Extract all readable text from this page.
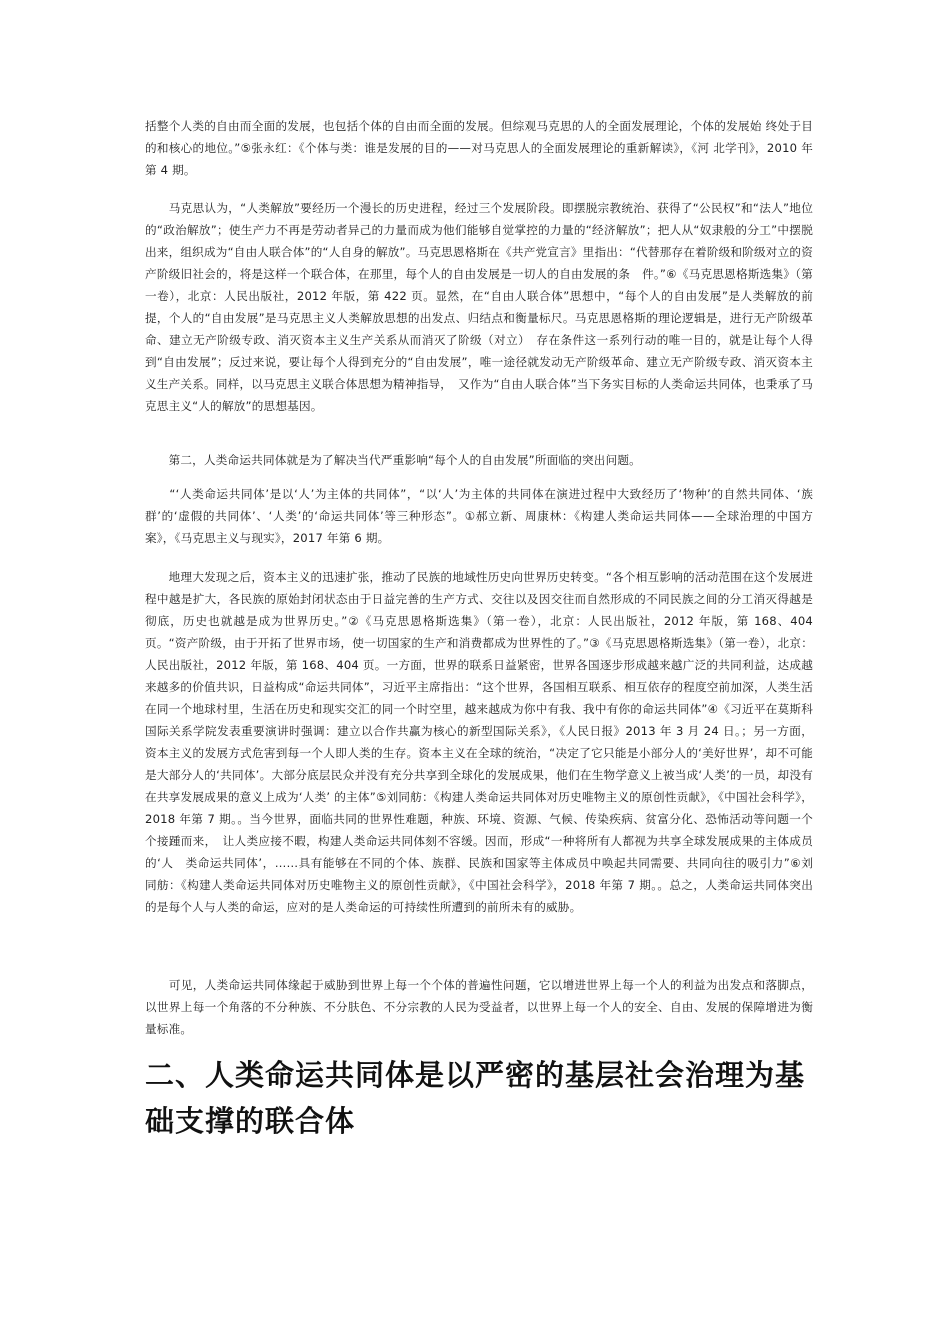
括整个人类的自由而全面的发展，也包括个体的自由而全面的发展。但综观马克思的人的全面发展理论，个体的发展始 终处于目的和核心的地位。”⑤张永红：《个体与类：谁是发展的目的——对马克思人的全面发展理论的重新解读》，《河 北学刊》，2010 年第 4 期。

　　马克思认为，“人类解放”要经历一个漫长的历史进程，经过三个发展阶段。即摆脱宗教统治、获得了“公民权”和“法人”地位的“政治解放”；使生产力不再是劳动者异己的力量而成为他们能够自觉掌控的力量的“经济解放”；把人从“奴隶般的分工”中摆脱出来，组织成为“自由人联合体”的“人自身的解放”。马克思恩格斯在《共产党宣言》里指出：“代替那存在着阶级和阶级对立的资产阶级旧社会的，将是这样一个联合体，在那里，每个人的自由发展是一切人的自由发展的条　件。”⑥《马克思恩格斯选集》（第一卷），北京：人民出版社，2012 年版，第 422 页。显然，在“自由人联合体”思想中，“每个人的自由发展”是人类解放的前提，个人的“自由发展”是马克思主义人类解放思想的出发点、归结点和衡量标尺。马克思恩格斯的理论逻辑是，进行无产阶级革命、建立无产阶级专政、消灭资本主义生产关系从而消灭了阶级（对立）　存在条件这一系列行动的唯一目的，就是让每个人得到“自由发展”；反过来说，要让每个人得到充分的“自由发展”，唯一途径就发动无产阶级革命、建立无产阶级专政、消灭资本主义生产关系。同样，以马克思主义联合体思想为精神指导，　又作为“自由人联合体”当下务实目标的人类命运共同体，也秉承了马克思主义“人的解放”的思想基因。

　　第二，人类命运共同体就是为了解决当代严重影响“每个人的自由发展”所面临的突出问题。

　　“‘人类命运共同体’是以‘人’为主体的共同体”，“以‘人’为主体的共同体在演进过程中大致经历了‘物种’的自然共同体、‘族群’的‘虚假的共同体’、‘人类’的‘命运共同体’等三种形态”。①郝立新、周康林：《构建人类命运共同体——全球治理的中国方案》，《马克思主义与现实》，2017 年第 6 期。

　　地理大发现之后，资本主义的迅速扩张，推动了民族的地域性历史向世界历史转变。“各个相互影响的活动范围在这个发展进程中越是扩大，各民族的原始封闭状态由于日益完善的生产方式、交往以及因交往而自然形成的不同民族之间的分工消灭得越是彻底，历史也就越是成为世界历史。”②《马克思恩格斯选集》（第一卷），北京：人民出版社，2012 年版，第 168、404 页。“资产阶级，由于开拓了世界市场，使一切国家的生产和消费都成为世界性的了。”③《马克思恩格斯选集》（第一卷），北京：人民出版社，2012 年版，第 168、404 页。一方面，世界的联系日益紧密，世界各国逐步形成越来越广泛的共同利益，达成越来越多的价值共识，日益构成“命运共同体”，习近平主席指出：“这个世界，各国相互联系、相互依存的程度空前加深，人类生活在同一个地球村里，生活在历史和现实交汇的同一个时空里，越来越成为你中有我、我中有你的命运共同体”④《习近平在莫斯科国际关系学院发表重要演讲时强调：建立以合作共赢为核心的新型国际关系》，《人民日报》2013 年 3 月 24 日。；另一方面，资本主义的发展方式危害到每一个人即人类的生存。资本主义在全球的统治，“决定了它只能是小部分人的‘美好世界’，却不可能是大部分人的‘共同体’。大部分底层民众并没有充分共享到全球化的发展成果，他们在生物学意义上被当成‘人类’的一员，却没有在共享发展成果的意义上成为‘人类’ 的主体”⑤刘同舫：《构建人类命运共同体对历史唯物主义的原创性贡献》，《中国社会科学》，2018 年第 7 期。。当今世界，面临共同的世界性难题，种族、环境、资源、气候、传染疾病、贫富分化、恐怖活动等问题一个个接踵而来，　让人类应接不暇，构建人类命运共同体刻不容缓。因而，形成“一种将所有人都视为共享全球发展成果的主体成员的‘人　类命运共同体’，……具有能够在不同的个体、族群、民族和国家等主体成员中唤起共同需要、共同向往的吸引力”⑥刘　同舫：《构建人类命运共同体对历史唯物主义的原创性贡献》，《中国社会科学》，2018 年第 7 期。。总之，人类命运共同体突出的是每个人与人类的命运，应对的是人类命运的可持续性所遭到的前所未有的威胁。

　　可见，人类命运共同体缘起于威胁到世界上每一个个体的普遍性问题，它以增进世界上每一个人的利益为出发点和落脚点，以世界上每一个角落的不分种族、不分肤色、不分宗教的人民为受益者，以世界上每一个人的安全、自由、发展的保障增进为衡量标准。

二、人类命运共同体是以严密的基层社会治理为基础支撑的联合体
